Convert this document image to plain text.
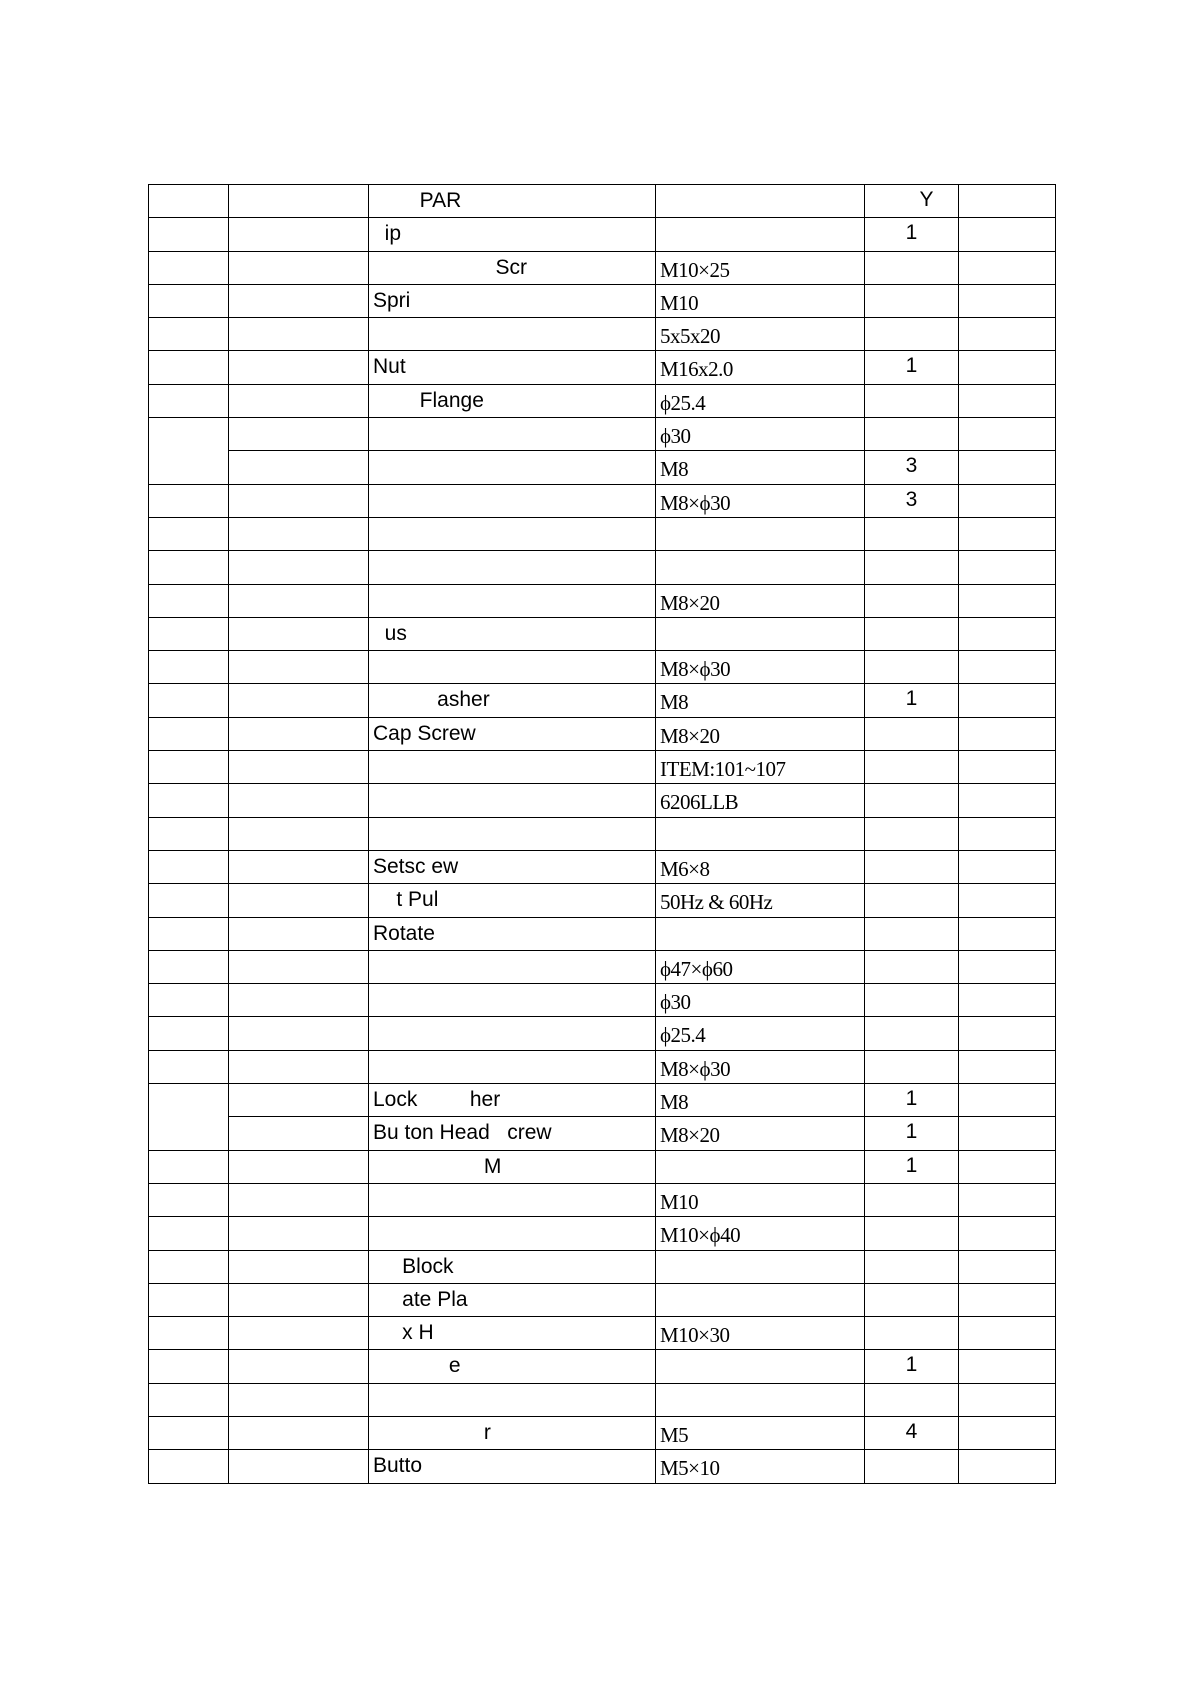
		PAR		Y	
		ip		1	
		Scr	M10×25		
		Spri	M10		
			5x5x20		
		Nut	M16x2.0	1	
		Flange	ϕ25.4		
			ϕ30		
			M8	3	
			M8×ϕ30	3	

			M8×20		
		us			
			M8×ϕ30		
		asher	M8	1	
		Cap Screw	M8×20		
			ITEM:101~107		
			6206LLB		

		Setsc ew	M6×8		
		t Pul	50Hz & 60Hz		
		Rotate			
			ϕ47×ϕ60		
			ϕ30		
			ϕ25.4		
			M8×ϕ30		
		Lock         her	M8	1	
		Bu ton Head   crew	M8×20	1	
		M		1	
			M10		
			M10×ϕ40		
		Block			
		ate Pla			
		x H	M10×30		
		e		1	

		r	M5	4	
		Butto	M5×10		
